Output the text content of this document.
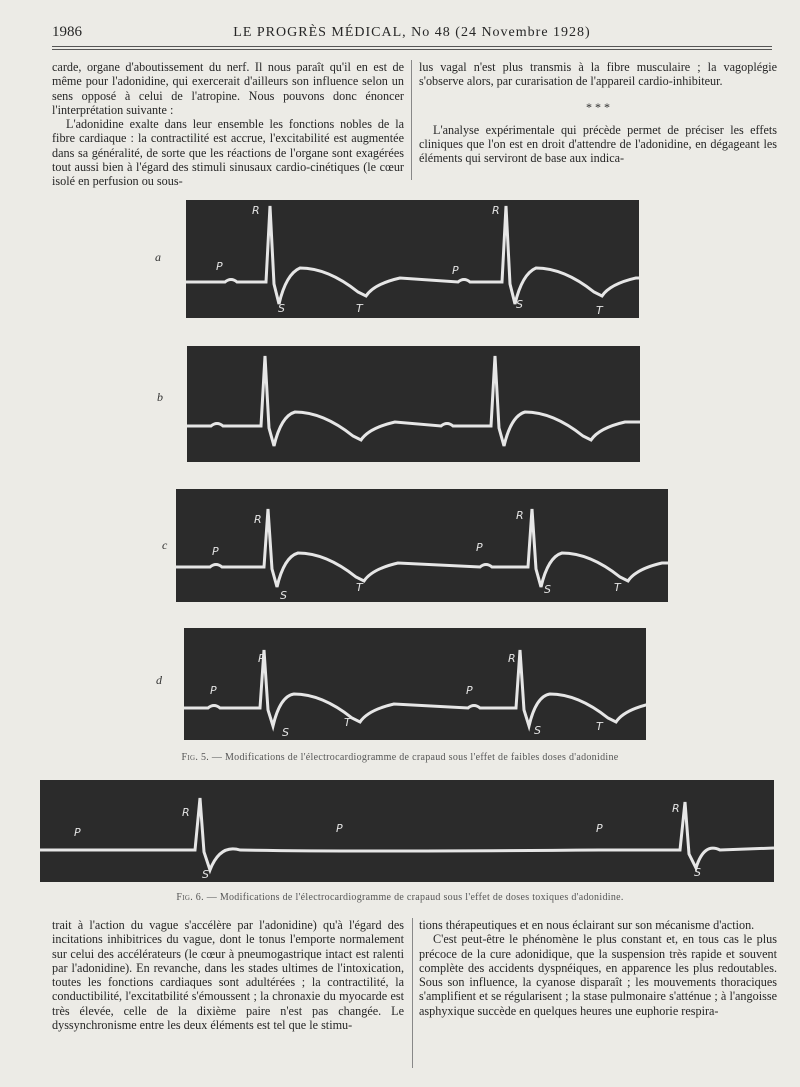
1986	LE PROGRÈS MÉDICAL, No 48 (24 Novembre 1928)

carde, organe d'aboutissement du nerf. Il nous paraît qu'il en est de même pour l'adonidine, qui exercerait d'ailleurs son influence selon un sens opposé à celui de l'atropine. Nous pouvons donc énoncer l'interprétation suivante :

L'adonidine exalte dans leur ensemble les fonctions nobles de la fibre cardiaque : la contractilité est accrue, l'excitabilité est augmentée dans sa généralité, de sorte que les réactions de l'organe sont exagérées tout aussi bien à l'égard des stimuli sinusaux cardio-cinétiques (le cœur isolé en perfusion ou sous-

lus vagal n'est plus transmis à la fibre musculaire ; la vagoplégie s'observe alors, par curarisation de l'appareil cardio-inhibiteur.

* * *

L'analyse expérimentale qui précède permet de préciser les effets cliniques que l'on est en droit d'attendre de l'adonidine, en dégageant les éléments qui serviront de base aux indica-

a
R
P
S	T
R
P
S	T
b
c
R
P
S
T
R
P
S	T
d
R
P
S
T
R
P
S	T
Fig. 5. — Modifications de l'électrocardiogramme de crapaud sous l'effet de faibles doses d'adonidine
R
P
S
P	P
R
S
Fig. 6. — Modifications de l'électrocardiogramme de crapaud sous l'effet de doses toxiques d'adonidine.

trait à l'action du vague s'accélère par l'adonidine) qu'à l'égard des incitations inhibitrices du vague, dont le tonus l'emporte normalement sur celui des accélérateurs (le cœur à pneumogastrique intact est ralenti par l'adonidine). En revanche, dans les stades ultimes de l'intoxication, toutes les fonctions cardiaques sont adultérées ; la contractilité, la conductibilité, l'excitatbilité s'émoussent ; la chronaxie du myocarde est très élevée, celle de la dixième paire n'est pas changée. Le dyssynchronisme entre les deux éléments est tel que le stimu-

tions thérapeutiques et en nous éclairant sur son mécanisme d'action.

C'est peut-être le phénomène le plus constant et, en tous cas le plus précoce de la cure adonidique, que la suspension très rapide et souvent complète des accidents dyspnéiques, en apparence les plus redoutables. Sous son influence, la cyanose disparaît ; les mouvements thoraciques s'amplifient et se régularisent ; la stase pulmonaire s'atténue ; à l'angoisse asphyxique succède en quelques heures une euphorie respira-
